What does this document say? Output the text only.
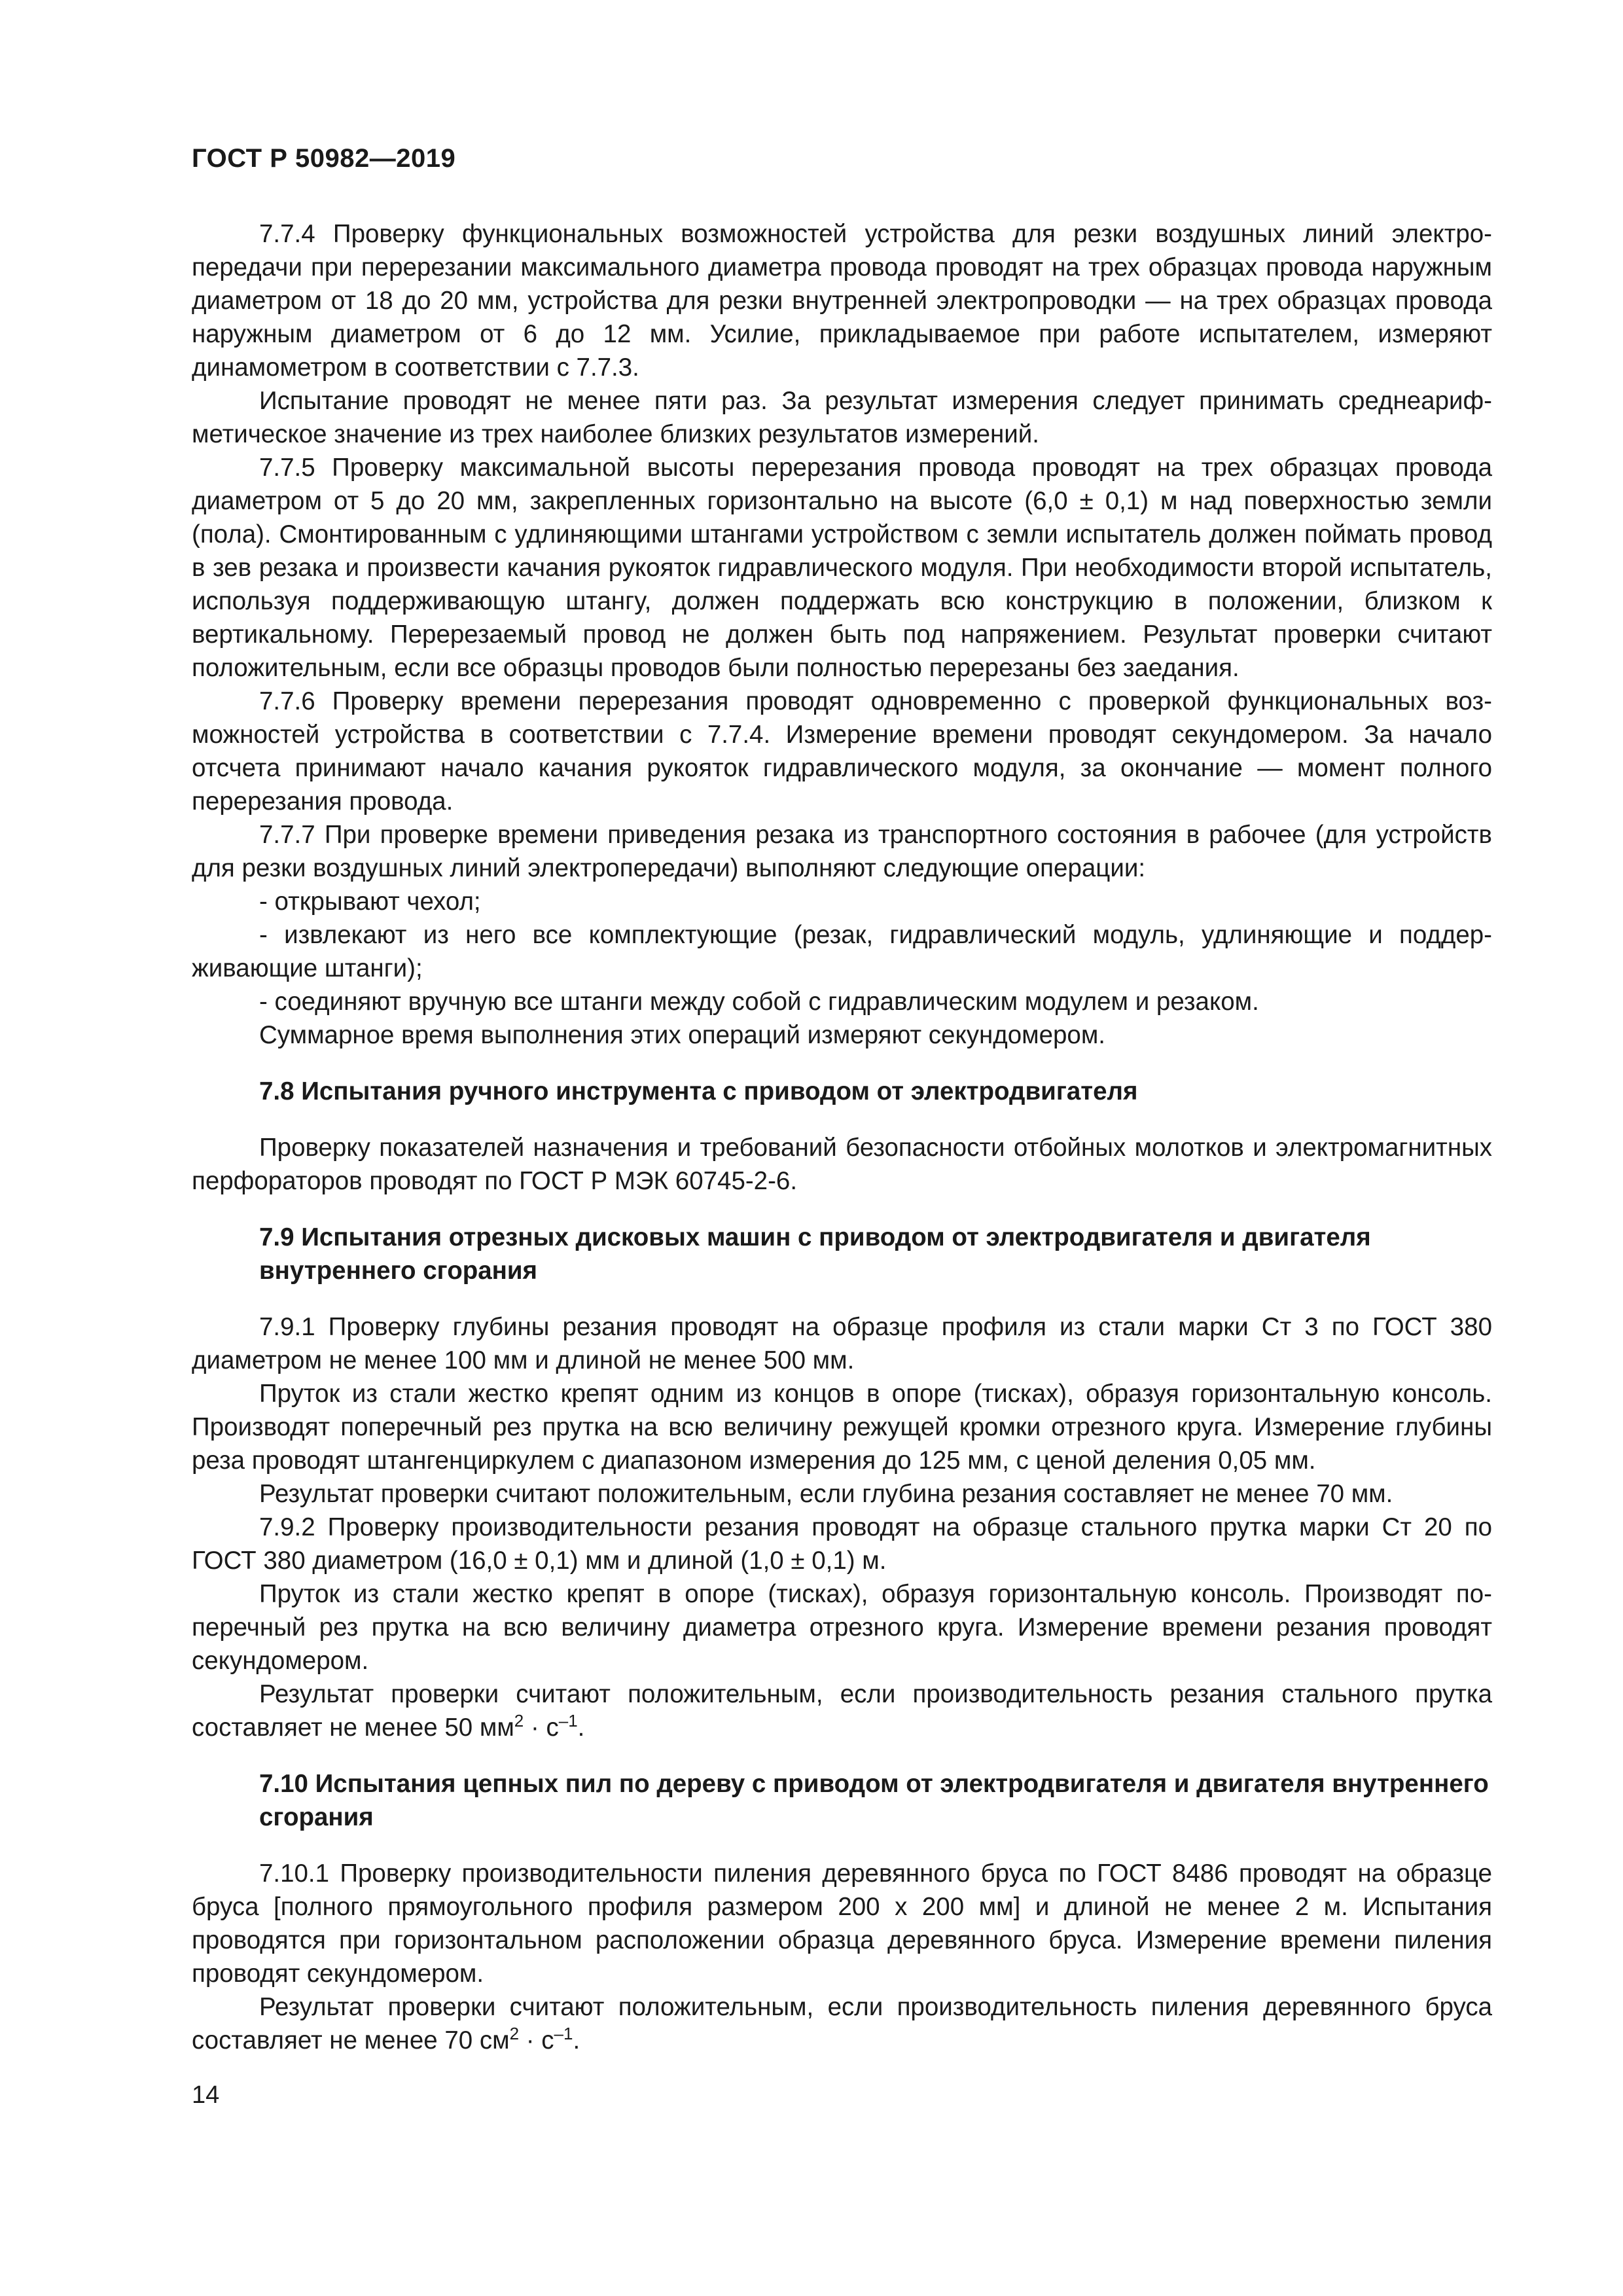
ГОСТ Р 50982—2019

7.7.4 Проверку функциональных возможностей устройства для резки воздушных линий электропередачи при перерезании максимального диаметра провода проводят на трех образцах провода наружным диаметром от 18 до 20 мм, устройства для резки внутренней электропроводки — на трех образцах провода наружным диаметром от 6 до 12 мм. Усилие, прикладываемое при работе испытателем, измеряют динамометром в соответствии с 7.7.3.

Испытание проводят не менее пяти раз. За результат измерения следует принимать среднеарифметическое значение из трех наиболее близких результатов измерений.

7.7.5 Проверку максимальной высоты перерезания провода проводят на трех образцах провода диаметром от 5 до 20 мм, закрепленных горизонтально на высоте (6,0 ± 0,1) м над поверхностью земли (пола). Смонтированным с удлиняющими штангами устройством с земли испытатель должен поймать провод в зев резака и произвести качания рукояток гидравлического модуля. При необходимости второй испытатель, используя поддерживающую штангу, должен поддержать всю конструкцию в положении, близком к вертикальному. Перерезаемый провод не должен быть под напряжением. Результат проверки считают положительным, если все образцы проводов были полностью перерезаны без заедания.

7.7.6 Проверку времени перерезания проводят одновременно с проверкой функциональных возможностей устройства в соответствии с 7.7.4. Измерение времени проводят секундомером. За начало отсчета принимают начало качания рукояток гидравлического модуля, за окончание — момент полного перерезания провода.

7.7.7 При проверке времени приведения резака из транспортного состояния в рабочее (для устройств для резки воздушных линий электропередачи) выполняют следующие операции:

- открывают чехол;

- извлекают из него все комплектующие (резак, гидравлический модуль, удлиняющие и поддерживающие штанги);

- соединяют вручную все штанги между собой с гидравлическим модулем и резаком.

Суммарное время выполнения этих операций измеряют секундомером.

7.8 Испытания ручного инструмента с приводом от электродвигателя

Проверку показателей назначения и требований безопасности отбойных молотков и электромагнитных перфораторов проводят по ГОСТ Р МЭК 60745-2-6.

7.9 Испытания отрезных дисковых машин с приводом от электродвигателя и двигателя внутреннего сгорания

7.9.1 Проверку глубины резания проводят на образце профиля из стали марки Ст 3 по ГОСТ 380 диаметром не менее 100 мм и длиной не менее 500 мм.

Пруток из стали жестко крепят одним из концов в опоре (тисках), образуя горизонтальную консоль. Производят поперечный рез прутка на всю величину режущей кромки отрезного круга. Измерение глубины реза проводят штангенциркулем с диапазоном измерения до 125 мм, с ценой деления 0,05 мм.

Результат проверки считают положительным, если глубина резания составляет не менее 70 мм.

7.9.2 Проверку производительности резания проводят на образце стального прутка марки Ст 20 по ГОСТ 380 диаметром (16,0 ± 0,1) мм и длиной (1,0 ± 0,1) м.

Пруток из стали жестко крепят в опоре (тисках), образуя горизонтальную консоль. Производят поперечный рез прутка на всю величину диаметра отрезного круга. Измерение времени резания проводят секундомером.

Результат проверки считают положительным, если производительность резания стального прутка составляет не менее 50 $мм^2 \cdot с^{-1}$.

7.10 Испытания цепных пил по дереву с приводом от электродвигателя и двигателя внутреннего сгорания

7.10.1 Проверку производительности пиления деревянного бруса по ГОСТ 8486 проводят на образце бруса [полного прямоугольного профиля размером 200 х 200 мм] и длиной не менее 2 м. Испытания проводятся при горизонтальном расположении образца деревянного бруса. Измерение времени пиления проводят секундомером.

Результат проверки считают положительным, если производительность пиления деревянного бруса составляет не менее 70 $см^2 \cdot с^{-1}$.

14
